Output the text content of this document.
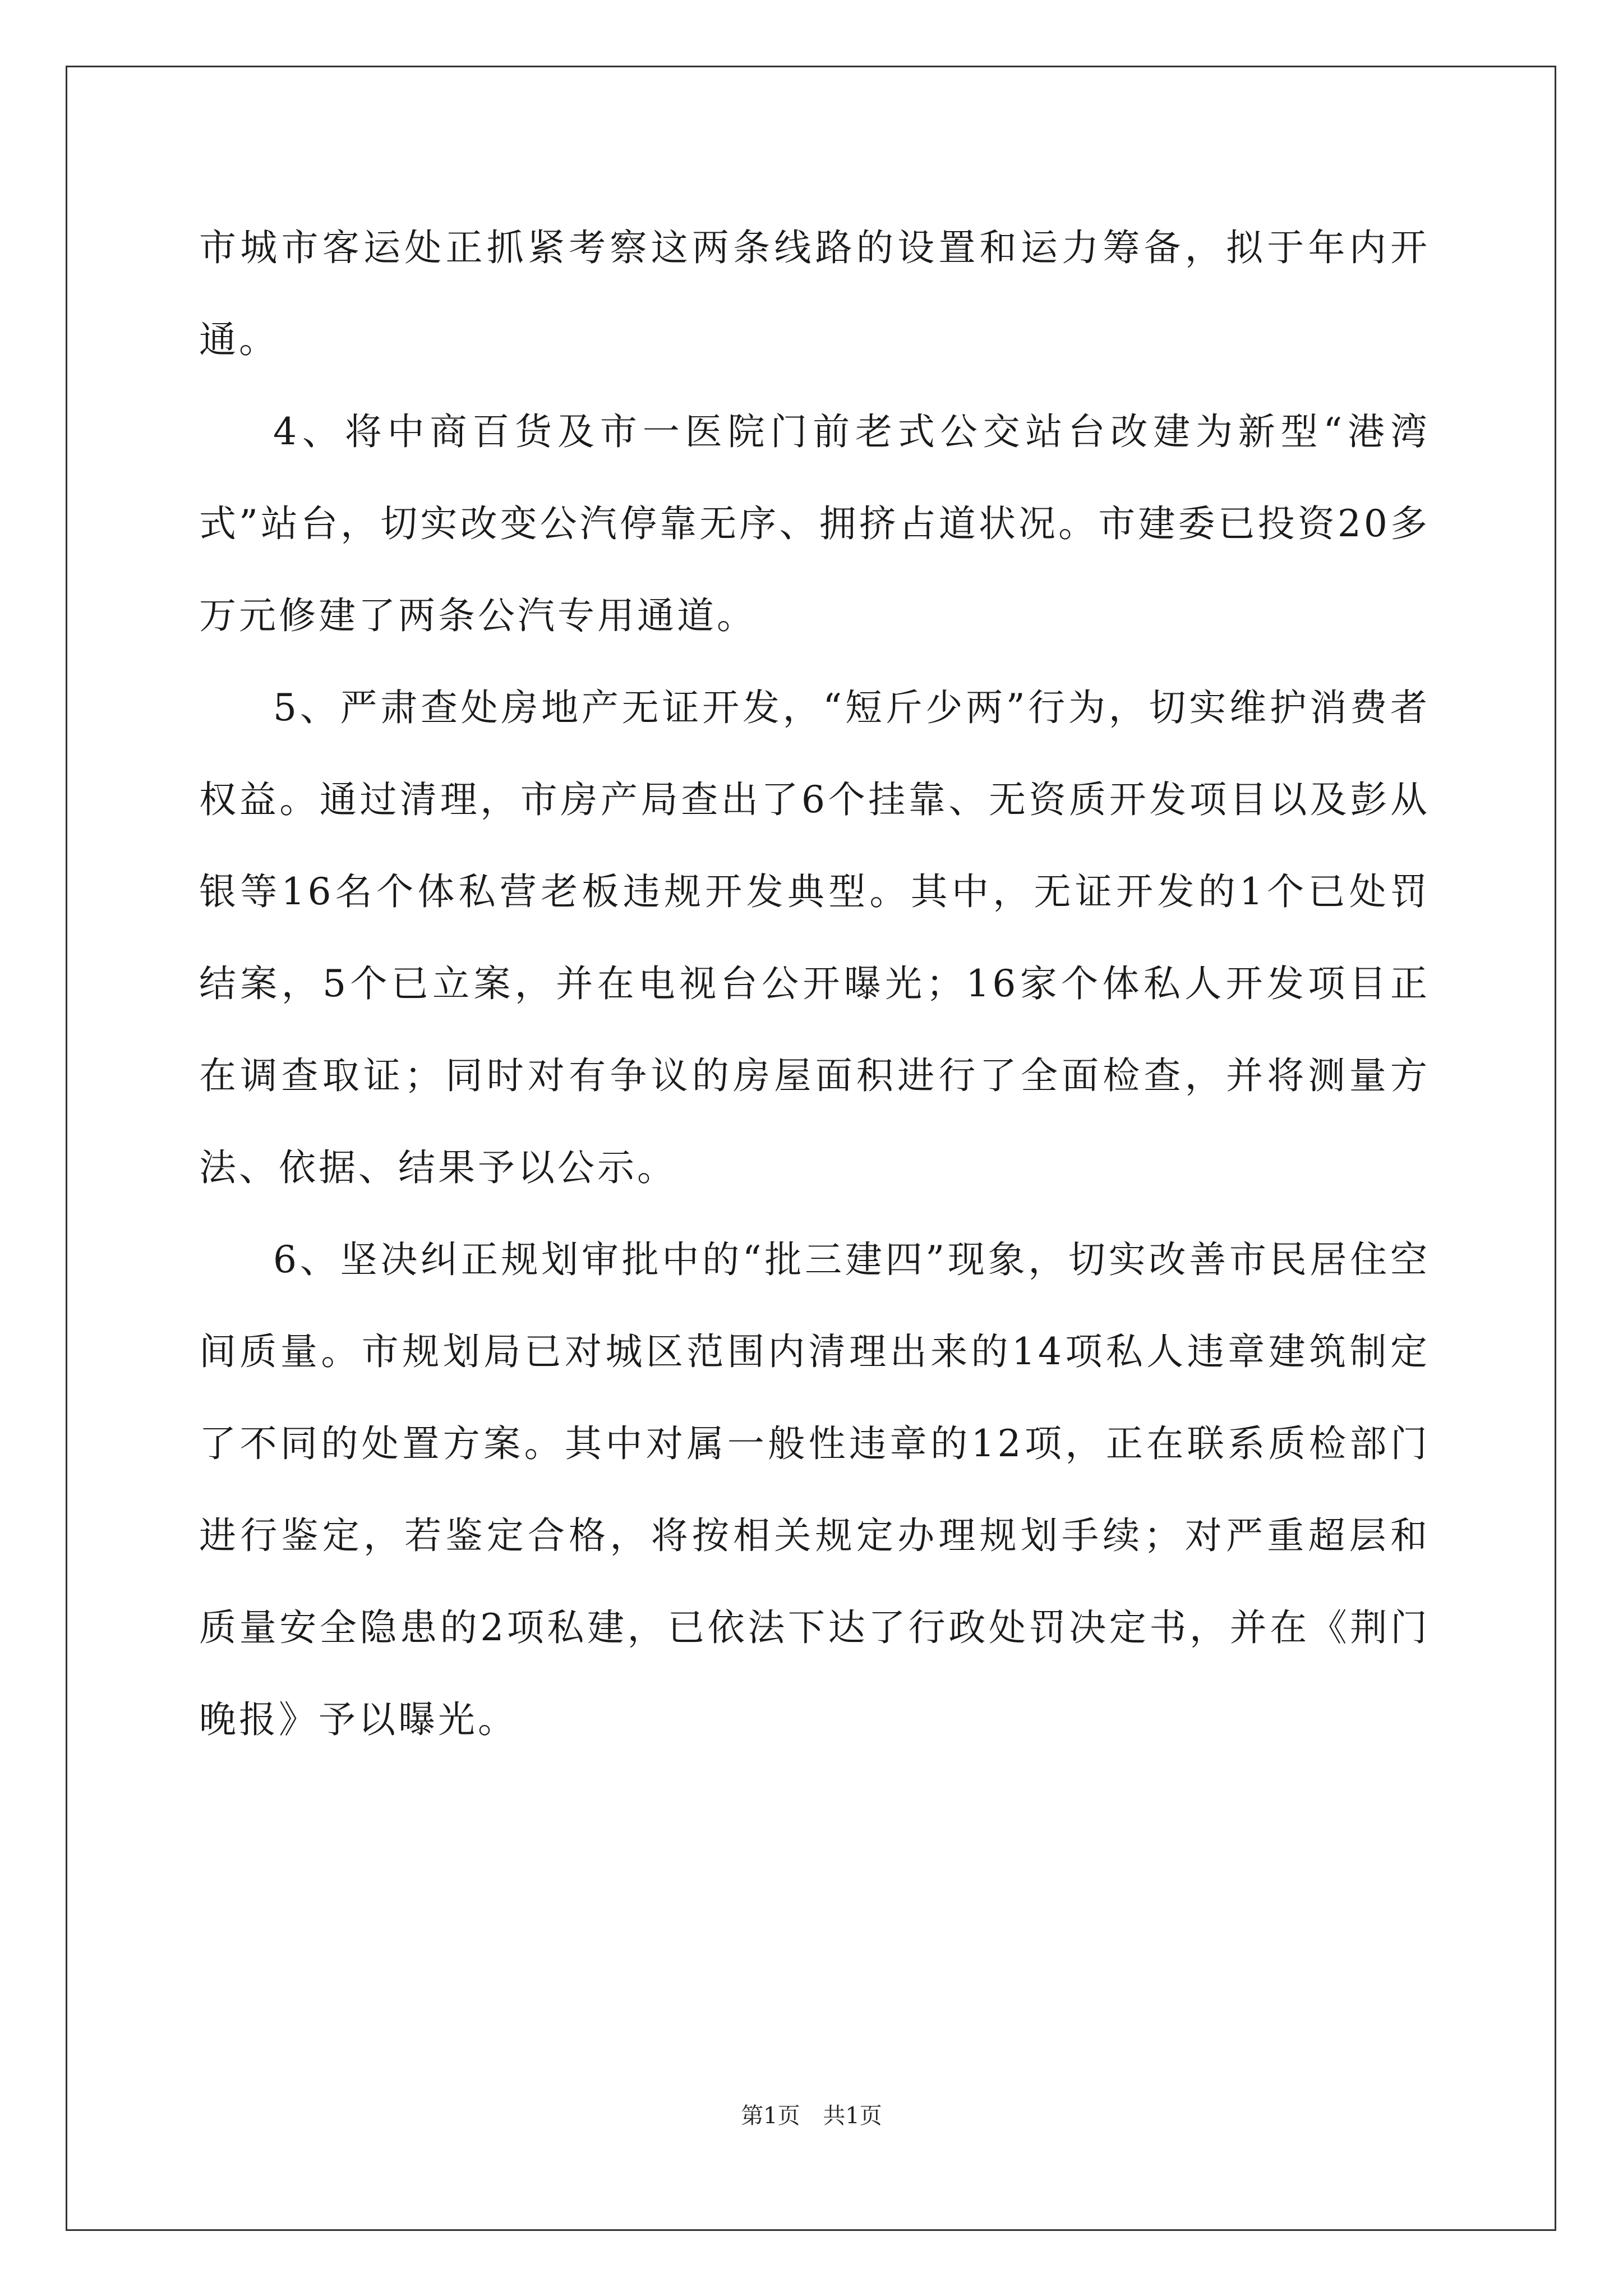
市城市客运处正抓紧考察这两条线路的设置和运力筹备，拟于年内开通。

4、将中商百货及市一医院门前老式公交站台改建为新型“港湾式”站台，切实改变公汽停靠无序、拥挤占道状况。市建委已投资20多万元修建了两条公汽专用通道。

5、严肃查处房地产无证开发，“短斤少两”行为，切实维护消费者权益。通过清理，市房产局查出了6个挂靠、无资质开发项目以及彭从银等16名个体私营老板违规开发典型。其中，无证开发的1个已处罚结案，5个已立案，并在电视台公开曝光；16家个体私人开发项目正在调查取证；同时对有争议的房屋面积进行了全面检查，并将测量方法、依据、结果予以公示。

6、坚决纠正规划审批中的“批三建四”现象，切实改善市民居住空间质量。市规划局已对城区范围内清理出来的14项私人违章建筑制定了不同的处置方案。其中对属一般性违章的12项，正在联系质检部门进行鉴定，若鉴定合格，将按相关规定办理规划手续；对严重超层和质量安全隐患的2项私建，已依法下达了行政处罚决定书，并在《荆门晚报》予以曝光。

第1页 共1页
